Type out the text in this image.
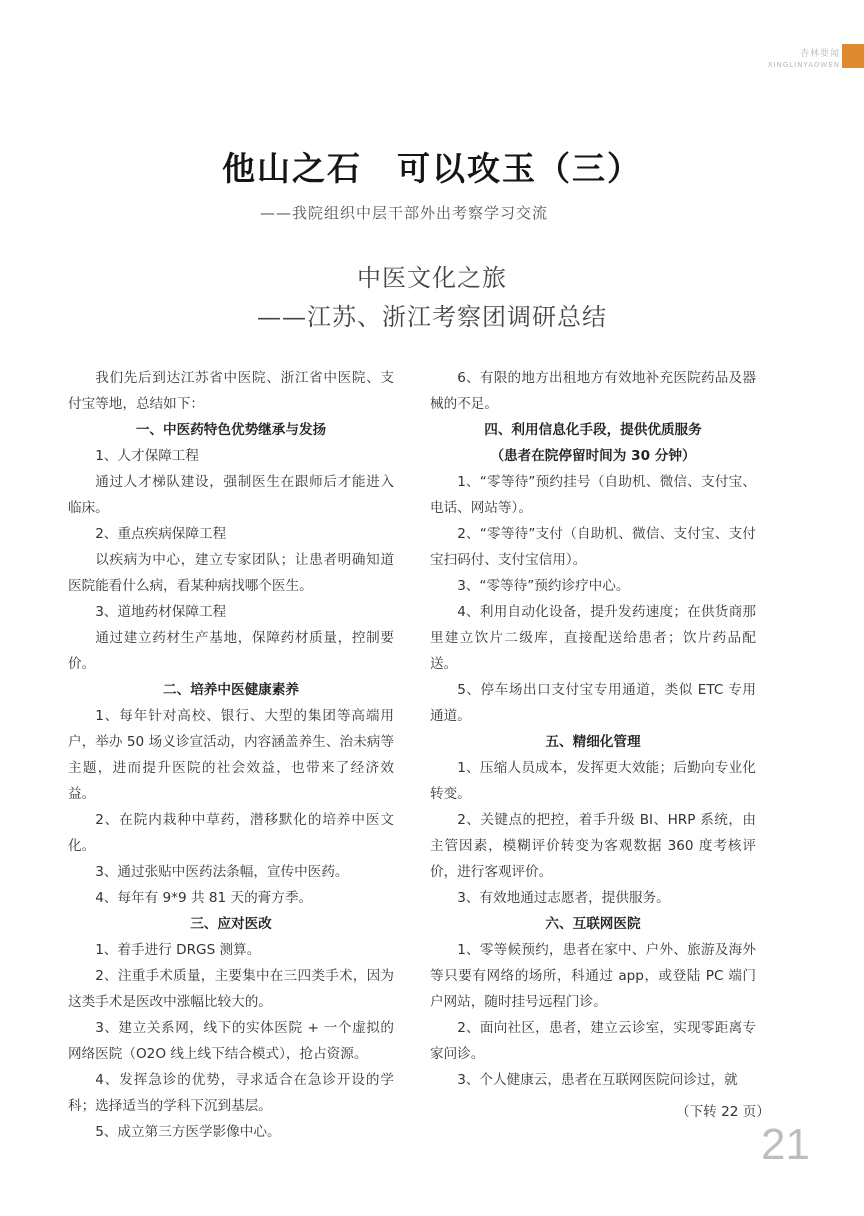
杏林要闻
XINGLINYAOWEN
他山之石　可以攻玉（三）
——我院组织中层干部外出考察学习交流
中医文化之旅
——江苏、浙江考察团调研总结

我们先后到达江苏省中医院、浙江省中医院、支付宝等地，总结如下：

一、中医药特色优势继承与发扬

1、人才保障工程

通过人才梯队建设，强制医生在跟师后才能进入临床。

2、重点疾病保障工程

以疾病为中心，建立专家团队；让患者明确知道医院能看什么病，看某种病找哪个医生。

3、道地药材保障工程

通过建立药材生产基地，保障药材质量，控制要价。

二、培养中医健康素养

1、每年针对高校、银行、大型的集团等高端用户，举办 50 场义诊宣活动，内容涵盖养生、治未病等主题，进而提升医院的社会效益，也带来了经济效益。

2、在院内栽种中草药，潜移默化的培养中医文化。

3、通过张贴中医药法条幅，宣传中医药。

4、每年有 9*9 共 81 天的膏方季。

三、应对医改

1、着手进行 DRGS 测算。

2、注重手术质量，主要集中在三四类手术，因为这类手术是医改中涨幅比较大的。

3、建立关系网，线下的实体医院 + 一个虚拟的网络医院（O2O 线上线下结合模式），抢占资源。

4、发挥急诊的优势，寻求适合在急诊开设的学科；选择适当的学科下沉到基层。

5、成立第三方医学影像中心。

6、有限的地方出租地方有效地补充医院药品及器械的不足。

四、利用信息化手段，提供优质服务
（患者在院停留时间为 30 分钟）

1、“零等待”预约挂号（自助机、微信、支付宝、电话、网站等）。

2、“零等待”支付（自助机、微信、支付宝、支付宝扫码付、支付宝信用）。

3、“零等待”预约诊疗中心。

4、利用自动化设备，提升发药速度；在供货商那里建立饮片二级库，直接配送给患者；饮片药品配送。

5、停车场出口支付宝专用通道，类似 ETC 专用通道。

五、精细化管理

1、压缩人员成本，发挥更大效能；后勤向专业化转变。

2、关键点的把控，着手升级 BI、HRP 系统，由主管因素，模糊评价转变为客观数据 360 度考核评价，进行客观评价。

3、有效地通过志愿者，提供服务。

六、互联网医院

1、零等候预约，患者在家中、户外、旅游及海外等只要有网络的场所，科通过 app，或登陆 PC 端门户网站，随时挂号远程门诊。

2、面向社区，患者，建立云诊室，实现零距离专家问诊。

3、个人健康云，患者在互联网医院问诊过，就

（下转 22 页）
21
